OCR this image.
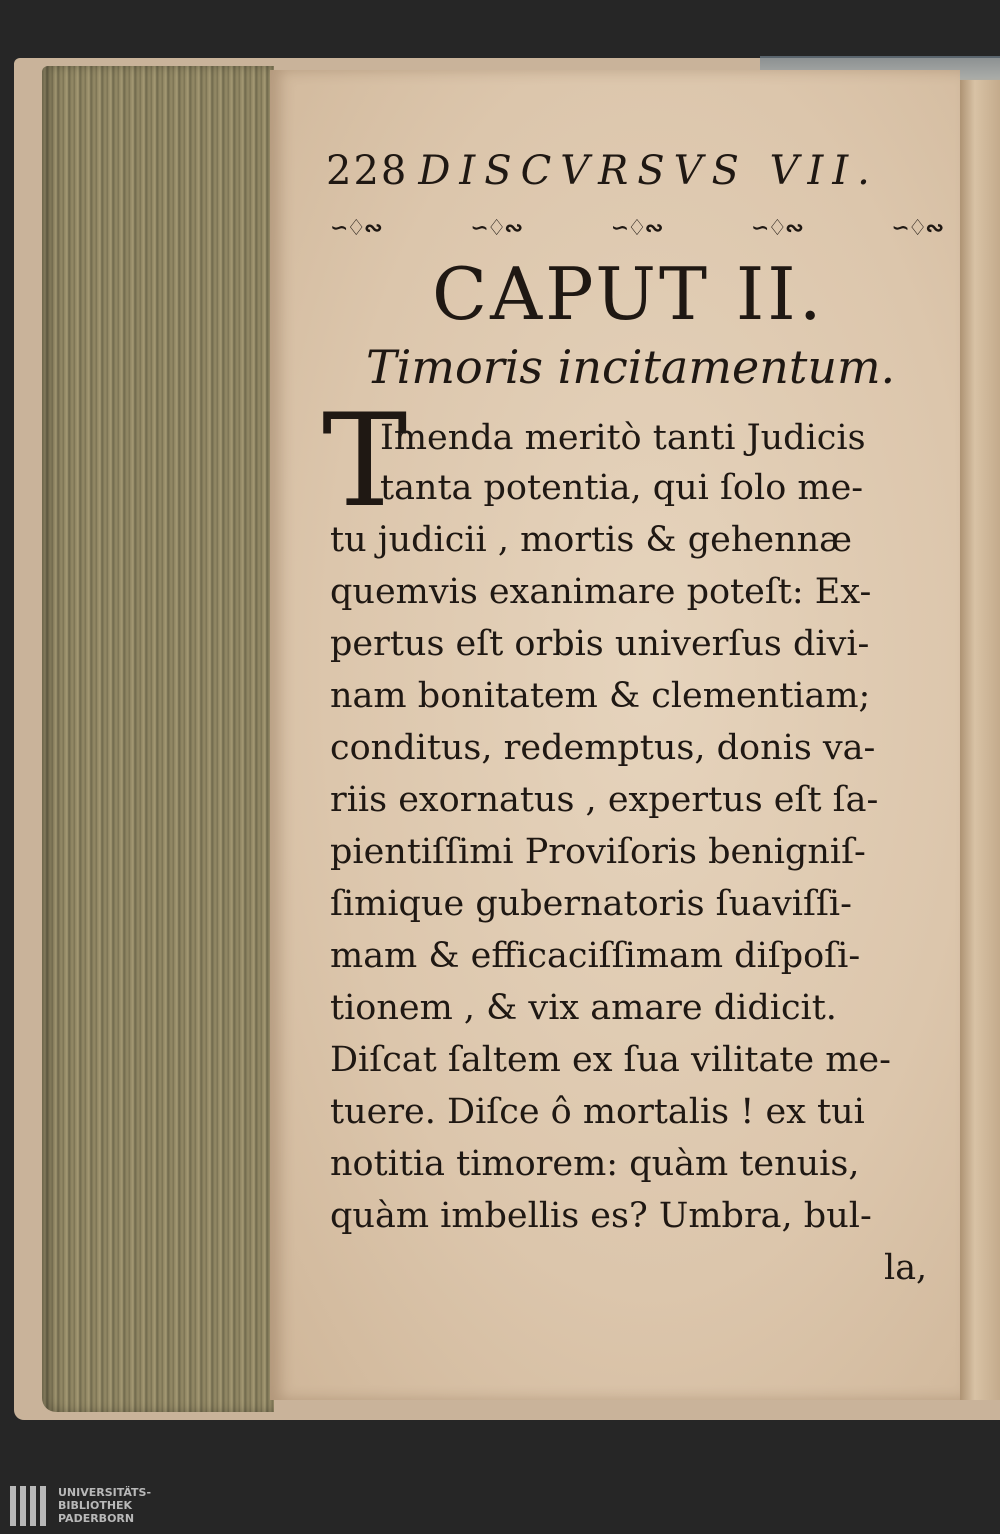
228 DISCVRSVS VII.
∽♢∾	∽♢∾	∽♢∾	∽♢∾	∽♢∾
CAPUT II.
Timoris incitamentum.
T
Imenda meritò tanti Judicis
tanta potentia, qui ſolo me-
tu judicii , mortis & gehennæ
quemvis exanimare poteſt: Ex-
pertus eſt orbis univerſus divi-
nam bonitatem & clementiam;
conditus, redemptus, donis va-
riis exornatus , expertus eſt ſa-
pientiſſimi Proviſoris benigniſ-
ſimique gubernatoris ſuaviſſi-
mam & efficaciſſimam diſpoſi-
tionem , & vix amare didicit.
Diſcat ſaltem ex ſua vilitate me-
tuere. Diſce ô mortalis ! ex tui
notitia timorem: quàm tenuis,
quàm imbellis es? Umbra, bul-
la,
UNIVERSITÄTS-
BIBLIOTHEK
PADERBORN
